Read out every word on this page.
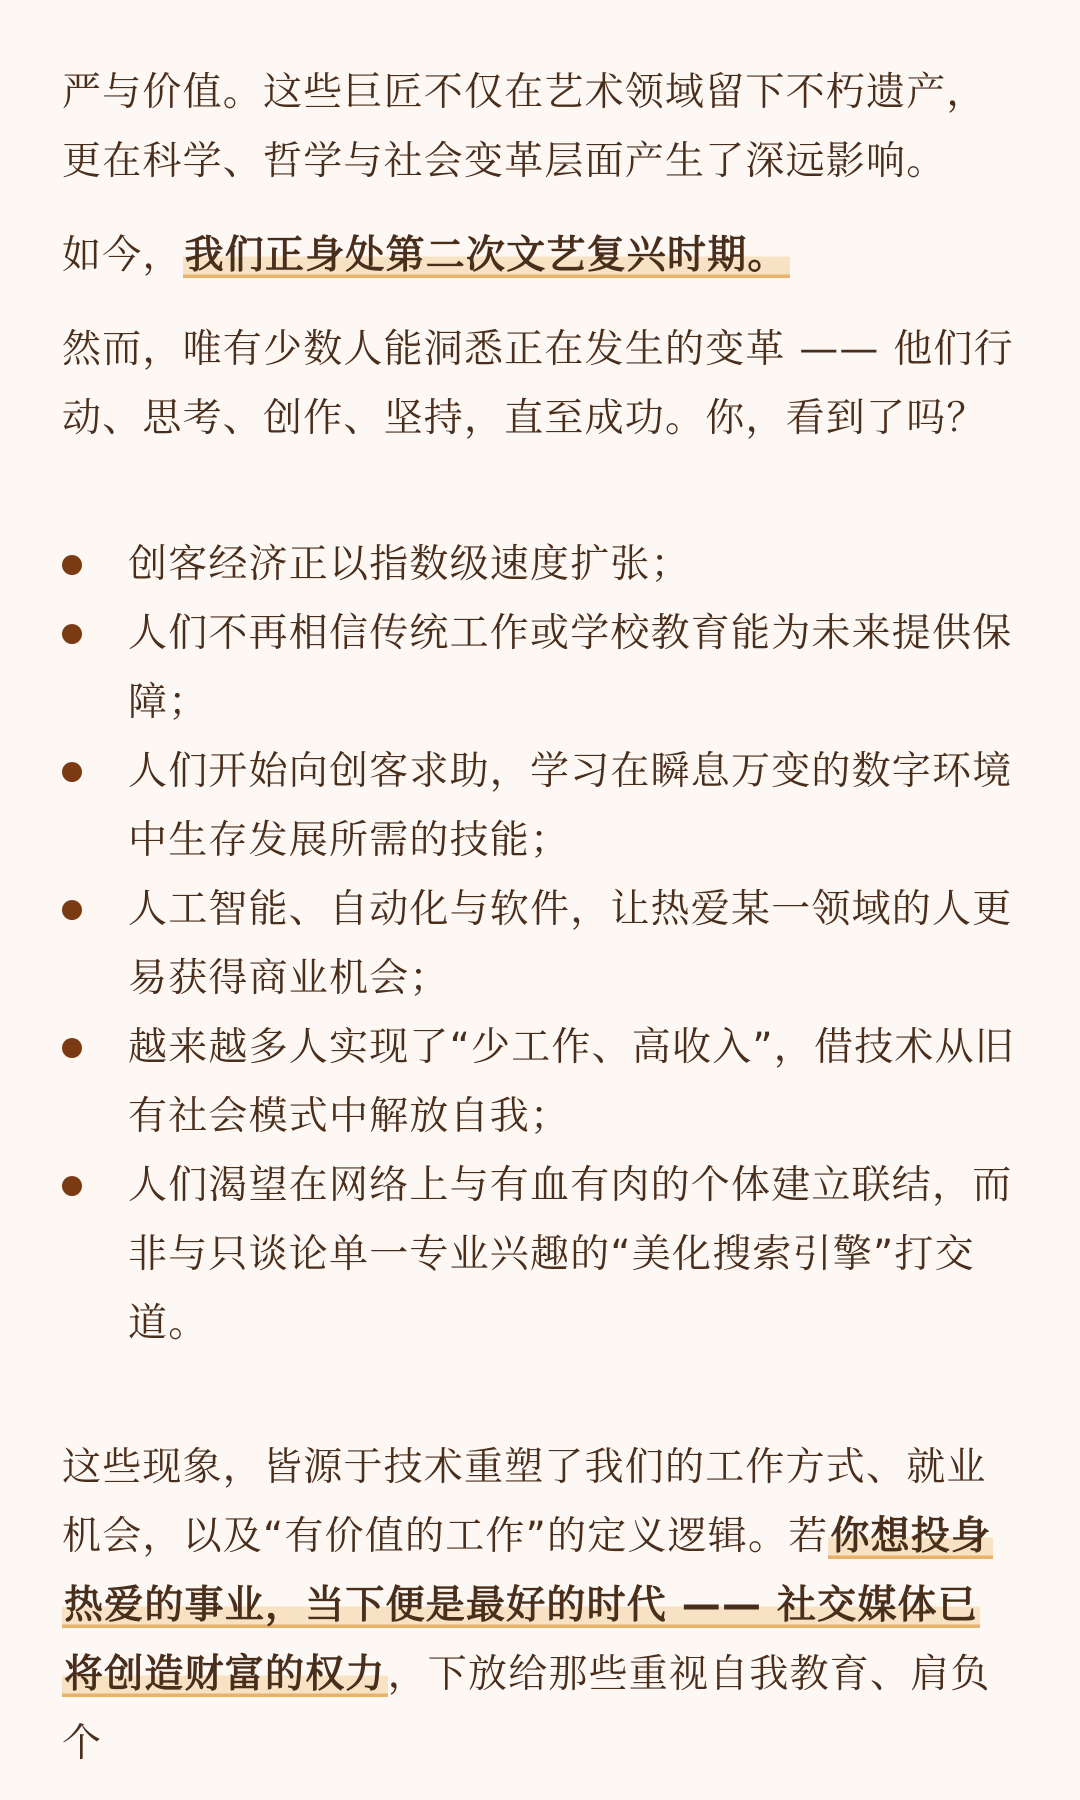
严与价值。这些巨匠不仅在艺术领域留下不朽遗产，更在科学、哲学与社会变革层面产生了深远影响。

如今，我们正身处第二次文艺复兴时期。

然而，唯有少数人能洞悉正在发生的变革 —— 他们行动、思考、创作、坚持，直至成功。你，看到了吗？

创客经济正以指数级速度扩张；
人们不再相信传统工作或学校教育能为未来提供保障；
人们开始向创客求助，学习在瞬息万变的数字环境中生存发展所需的技能；
人工智能、自动化与软件，让热爱某一领域的人更易获得商业机会；
越来越多人实现了“少工作、高收入”，借技术从旧有社会模式中解放自我；
人们渴望在网络上与有血有肉的个体建立联结，而非与只谈论单一专业兴趣的“美化搜索引擎”打交道。

这些现象，皆源于技术重塑了我们的工作方式、就业机会，以及“有价值的工作”的定义逻辑。若你想投身热爱的事业，当下便是最好的时代 —— 社交媒体已将创造财富的权力，下放给那些重视自我教育、肩负个
